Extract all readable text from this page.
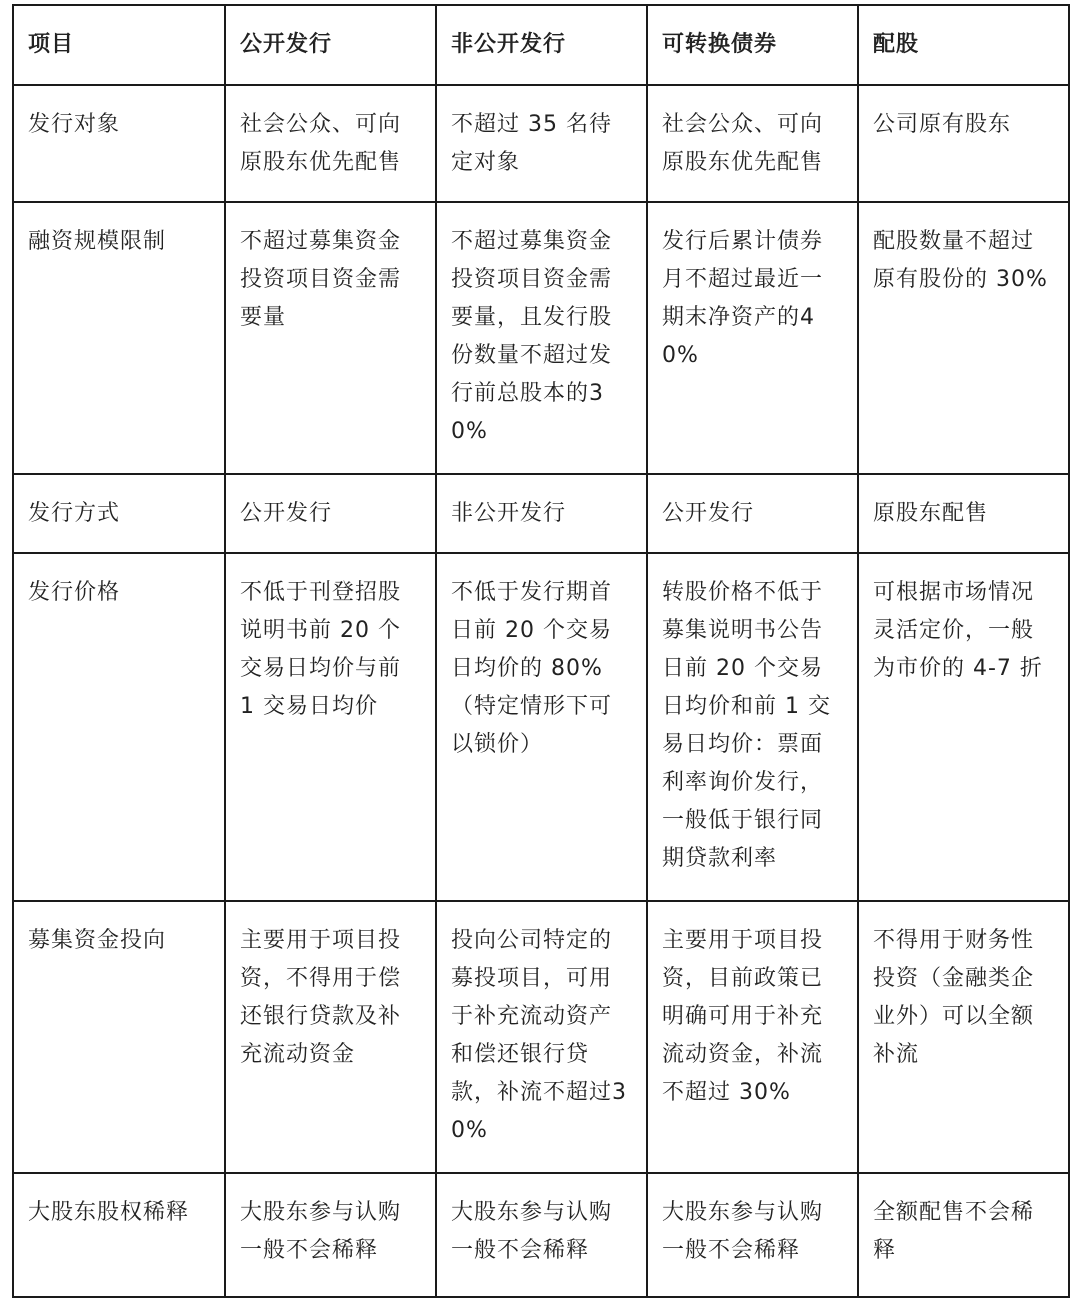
项目	公开发行	非公开发行	可转换债券	配股
发行对象	社会公众、可向原股东优先配售	不超过 35 名待定对象	社会公众、可向原股东优先配售	公司原有股东
融资规模限制	不超过募集资金投资项目资金需要量	不超过募集资金投资项目资金需要量，且发行股份数量不超过发行前总股本的30%	发行后累计债券月不超过最近一期末净资产的40%	配股数量不超过原有股份的 30%
发行方式	公开发行	非公开发行	公开发行	原股东配售
发行价格	不低于刊登招股说明书前 20 个交易日均价与前 1 交易日均价	不低于发行期首日前 20 个交易日均价的 80%（特定情形下可以锁价）	转股价格不低于募集说明书公告日前 20 个交易日均价和前 1 交易日均价：票面利率询价发行，一般低于银行同期贷款利率	可根据市场情况灵活定价，一般为市价的 4-7 折
募集资金投向	主要用于项目投资，不得用于偿还银行贷款及补充流动资金	投向公司特定的募投项目，可用于补充流动资产和偿还银行贷款，补流不超过30%	主要用于项目投资，目前政策已明确可用于补充流动资金，补流不超过 30%	不得用于财务性投资（金融类企业外）可以全额补流
大股东股权稀释	大股东参与认购一般不会稀释	大股东参与认购一般不会稀释	大股东参与认购一般不会稀释	全额配售不会稀释
